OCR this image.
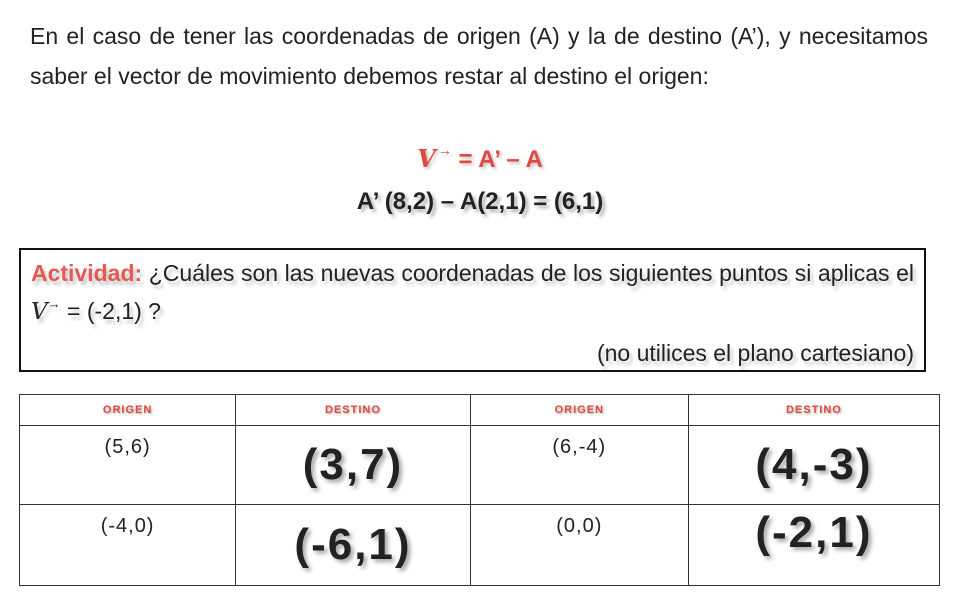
En el caso de tener las coordenadas de origen (A) y la de destino (A’), y necesitamos saber el vector de movimiento debemos restar al destino el origen:
V → = A’ – A
A’ (8,2) – A(2,1) = (6,1)
Actividad: ¿Cuáles son las nuevas coordenadas de los siguientes puntos si aplicas el V→ = (-2,1) ?
(no utilices el plano cartesiano)
ORIGEN	DESTINO	ORIGEN	DESTINO
(5,6)	(3,7)	(6,-4)	(4,-3)
(-4,0)	(-6,1)	(0,0)	(-2,1)
